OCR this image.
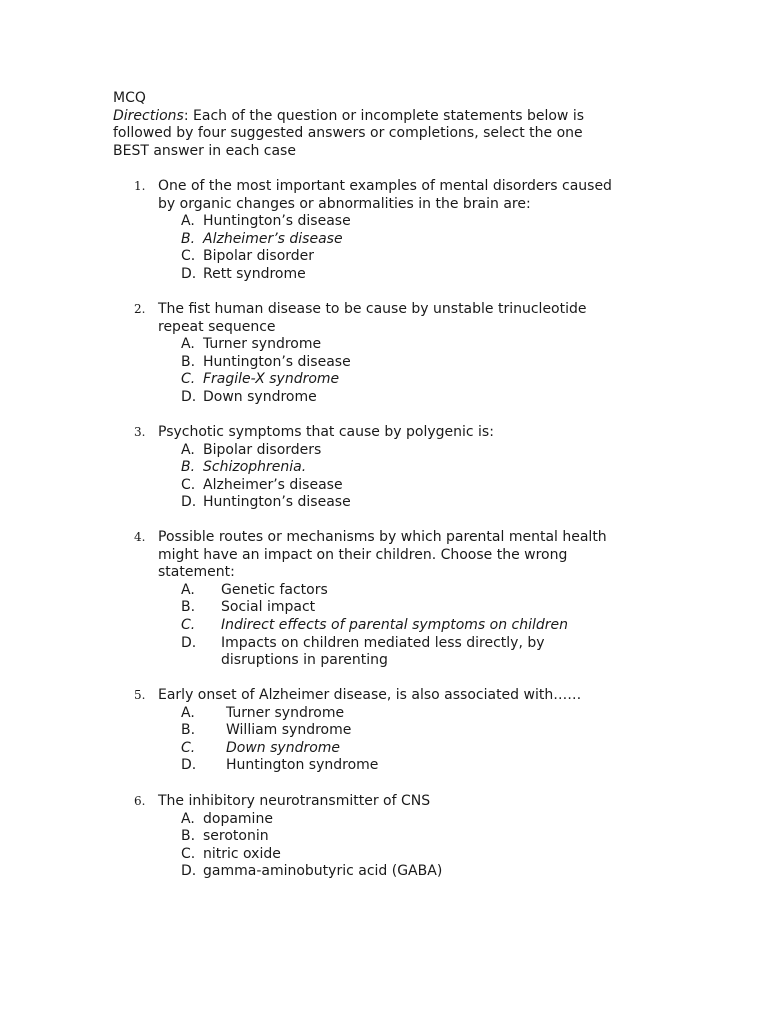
MCQ
Directions: Each of the question or incomplete statements below is
followed by four suggested answers or completions, select the one
BEST answer in each case
1. One of the most important examples of mental disorders caused
by organic changes or abnormalities in the brain are:
A. Huntington’s disease
B. Alzheimer’s disease
C. Bipolar disorder
D. Rett syndrome
2. The fist human disease to be cause by unstable trinucleotide
repeat sequence
A. Turner syndrome
B. Huntington’s disease
C. Fragile-X syndrome
D. Down syndrome
3. Psychotic symptoms that cause by polygenic is:
A. Bipolar disorders
B. Schizophrenia.
C. Alzheimer’s disease
D. Huntington’s disease
4. Possible routes or mechanisms by which parental mental health
might have an impact on their children. Choose the wrong
statement:
A. Genetic factors
B. Social impact
C. Indirect effects of parental symptoms on children
D. Impacts on children mediated less directly, by
disruptions in parenting
5. Early onset of Alzheimer disease, is also associated with……
A. Turner syndrome
B. William syndrome
C. Down syndrome
D. Huntington syndrome
6. The inhibitory neurotransmitter of CNS
A. dopamine
B. serotonin
C. nitric oxide
D. gamma-aminobutyric acid (GABA)
